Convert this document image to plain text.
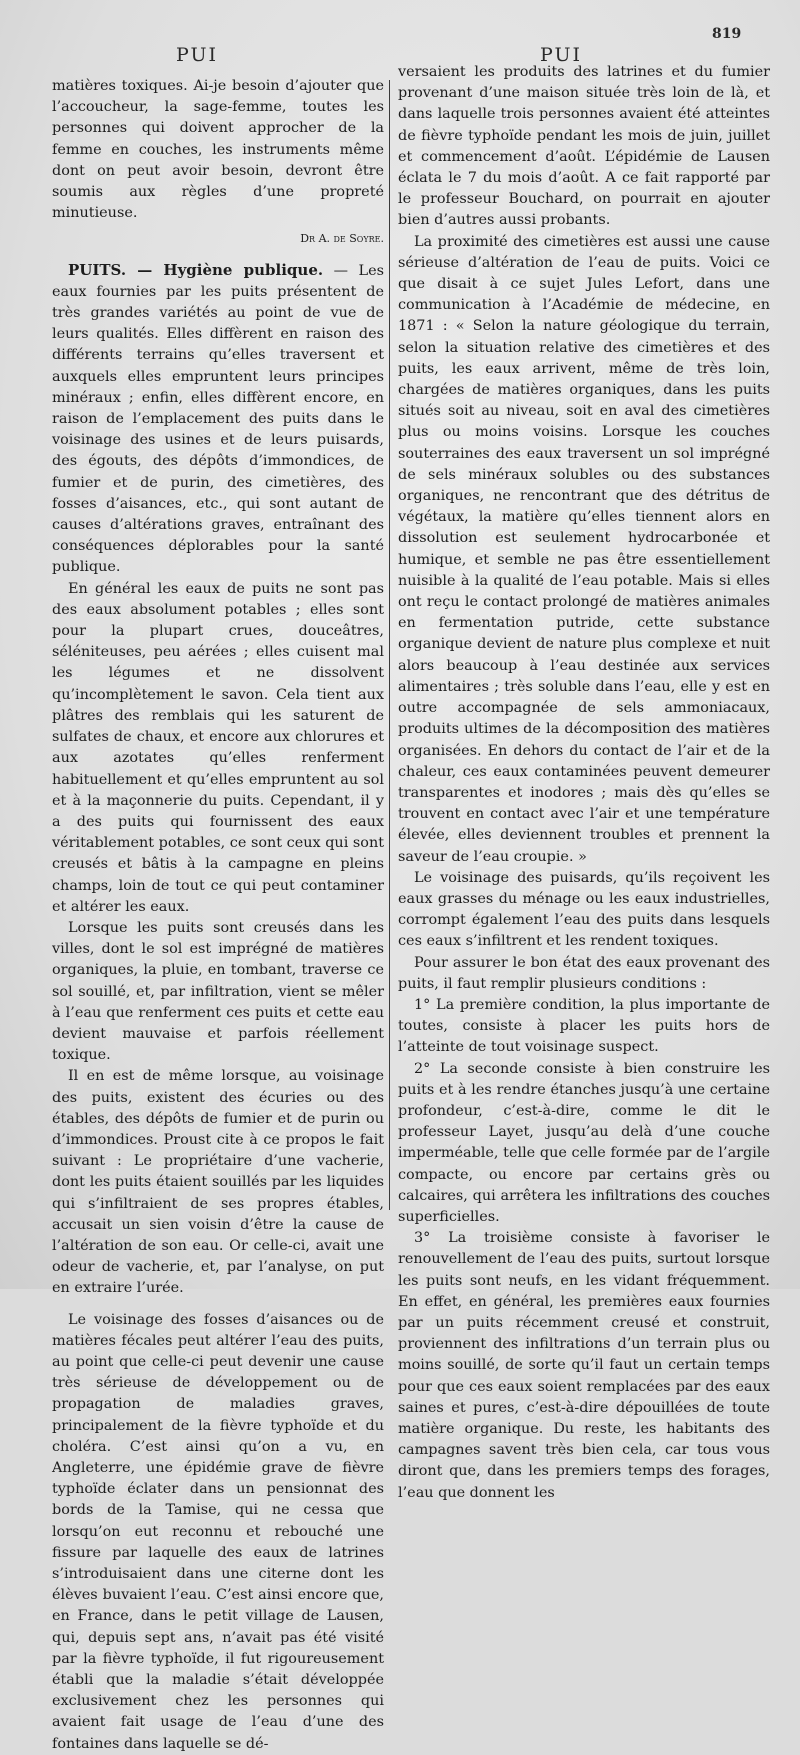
PUI	PUI
819

matières toxiques. Ai-je besoin d’ajouter que l’accoucheur, la sage-femme, toutes les personnes qui doivent approcher de la femme en couches, les instruments même dont on peut avoir besoin, devront être soumis aux règles d’une propreté minutieuse.

Dr A. de Soyre.

PUITS. — Hygiène publique. — Les eaux fournies par les puits présentent de très grandes variétés au point de vue de leurs qualités. Elles diffèrent en raison des différents terrains qu’elles traversent et auxquels elles empruntent leurs principes minéraux ; enfin, elles diffèrent encore, en raison de l’emplacement des puits dans le voisinage des usines et de leurs puisards, des égouts, des dépôts d’immondices, de fumier et de purin, des cimetières, des fosses d’aisances, etc., qui sont autant de causes d’altérations graves, entraînant des conséquences déplorables pour la santé publique.

En général les eaux de puits ne sont pas des eaux absolument potables ; elles sont pour la plupart crues, douceâtres, séléniteuses, peu aérées ; elles cuisent mal les légumes et ne dissolvent qu’incomplètement le savon. Cela tient aux plâtres des remblais qui les saturent de sulfates de chaux, et encore aux chlorures et aux azotates qu’elles renferment habituellement et qu’elles empruntent au sol et à la maçonnerie du puits. Cependant, il y a des puits qui fournissent des eaux véritablement potables, ce sont ceux qui sont creusés et bâtis à la campagne en pleins champs, loin de tout ce qui peut contaminer et altérer les eaux.

Lorsque les puits sont creusés dans les villes, dont le sol est imprégné de matières organiques, la pluie, en tombant, traverse ce sol souillé, et, par infiltration, vient se mêler à l’eau que renferment ces puits et cette eau devient mauvaise et parfois réellement toxique.

Il en est de même lorsque, au voisinage des puits, existent des écuries ou des étables, des dépôts de fumier et de purin ou d’immondices. Proust cite à ce propos le fait suivant : Le propriétaire d’une vacherie, dont les puits étaient souillés par les liquides qui s’infiltraient de ses propres étables, accusait un sien voisin d’être la cause de l’altération de son eau. Or celle-ci, avait une odeur de vacherie, et, par l’analyse, on put en extraire l’urée.

Le voisinage des fosses d’aisances ou de matières fécales peut altérer l’eau des puits, au point que celle-ci peut devenir une cause très sérieuse de développement ou de propagation de maladies graves, principalement de la fièvre typhoïde et du choléra. C’est ainsi qu’on a vu, en Angleterre, une épidémie grave de fièvre typhoïde éclater dans un pensionnat des bords de la Tamise, qui ne cessa que lorsqu’on eut reconnu et rebouché une fissure par laquelle des eaux de latrines s’introduisaient dans une citerne dont les élèves buvaient l’eau. C’est ainsi encore que, en France, dans le petit village de Lausen, qui, depuis sept ans, n’avait pas été visité par la fièvre typhoïde, il fut rigoureusement établi que la maladie s’était développée exclusivement chez les personnes qui avaient fait usage de l’eau d’une des fontaines dans laquelle se dé-

versaient les produits des latrines et du fumier provenant d’une maison située très loin de là, et dans laquelle trois personnes avaient été atteintes de fièvre typhoïde pendant les mois de juin, juillet et commencement d’août. L’épidémie de Lausen éclata le 7 du mois d’août. A ce fait rapporté par le professeur Bouchard, on pourrait en ajouter bien d’autres aussi probants.

La proximité des cimetières est aussi une cause sérieuse d’altération de l’eau de puits. Voici ce que disait à ce sujet Jules Lefort, dans une communication à l’Académie de médecine, en 1871 : « Selon la nature géologique du terrain, selon la situation relative des cimetières et des puits, les eaux arrivent, même de très loin, chargées de matières organiques, dans les puits situés soit au niveau, soit en aval des cimetières plus ou moins voisins. Lorsque les couches souterraines des eaux traversent un sol imprégné de sels minéraux solubles ou des substances organiques, ne rencontrant que des détritus de végétaux, la matière qu’elles tiennent alors en dissolution est seulement hydrocarbonée et humique, et semble ne pas être essentiellement nuisible à la qualité de l’eau potable. Mais si elles ont reçu le contact prolongé de matières animales en fermentation putride, cette substance organique devient de nature plus complexe et nuit alors beaucoup à l’eau destinée aux services alimentaires ; très soluble dans l’eau, elle y est en outre accompagnée de sels ammoniacaux, produits ultimes de la décomposition des matières organisées. En dehors du contact de l’air et de la chaleur, ces eaux contaminées peuvent demeurer transparentes et inodores ; mais dès qu’elles se trouvent en contact avec l’air et une température élevée, elles deviennent troubles et prennent la saveur de l’eau croupie. »

Le voisinage des puisards, qu’ils reçoivent les eaux grasses du ménage ou les eaux industrielles, corrompt également l’eau des puits dans lesquels ces eaux s’infiltrent et les rendent toxiques.

Pour assurer le bon état des eaux provenant des puits, il faut remplir plusieurs conditions :

1° La première condition, la plus importante de toutes, consiste à placer les puits hors de l’atteinte de tout voisinage suspect.

2° La seconde consiste à bien construire les puits et à les rendre étanches jusqu’à une certaine profondeur, c’est-à-dire, comme le dit le professeur Layet, jusqu’au delà d’une couche imperméable, telle que celle formée par de l’argile compacte, ou encore par certains grès ou calcaires, qui arrêtera les infiltrations des couches superficielles.

3° La troisième consiste à favoriser le renouvellement de l’eau des puits, surtout lorsque les puits sont neufs, en les vidant fréquemment. En effet, en général, les premières eaux fournies par un puits récemment creusé et construit, proviennent des infiltrations d’un terrain plus ou moins souillé, de sorte qu’il faut un certain temps pour que ces eaux soient remplacées par des eaux saines et pures, c’est-à-dire dépouillées de toute matière organique. Du reste, les habitants des campagnes savent très bien cela, car tous vous diront que, dans les premiers temps des forages, l’eau que donnent les
